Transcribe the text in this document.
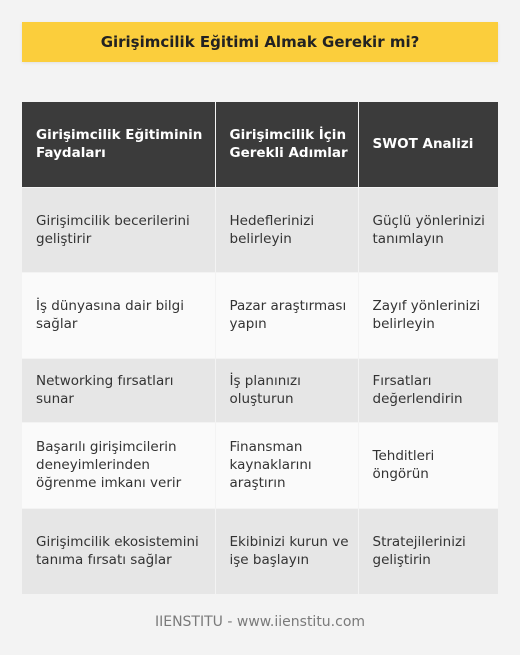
Girişimcilik Eğitimi Almak Gerekir mi?
Girişimcilik Eğitiminin Faydaları	Girişimcilik İçin Gerekli Adımlar	SWOT Analizi
Girişimcilik becerilerini geliştirir	Hedeflerinizi belirleyin	Güçlü yönlerinizi tanımlayın
İş dünyasına dair bilgi sağlar	Pazar araştırması yapın	Zayıf yönlerinizi belirleyin
Networking fırsatları sunar	İş planınızı oluşturun	Fırsatları değerlendirin
Başarılı girişimcilerin deneyimlerinden öğrenme imkanı verir	Finansman kaynaklarını araştırın	Tehditleri öngörün
Girişimcilik ekosistemini tanıma fırsatı sağlar	Ekibinizi kurun ve işe başlayın	Stratejilerinizi geliştirin
IIENSTITU - www.iienstitu.com
